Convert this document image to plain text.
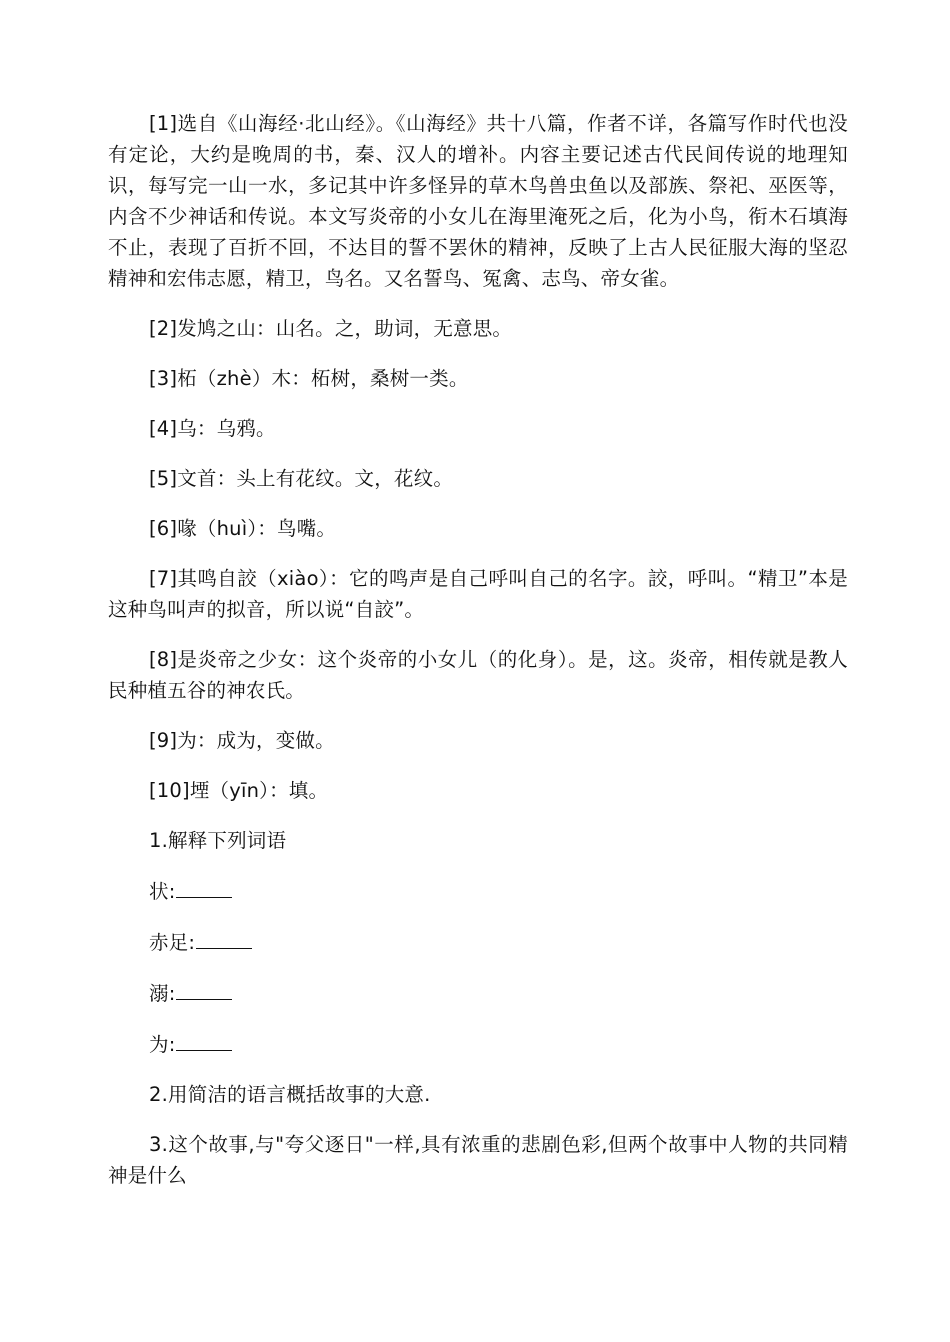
[1]选自《山海经·北山经》。《山海经》共十八篇，作者不详，各篇写作时代也没有定论，大约是晚周的书，秦、汉人的增补。内容主要记述古代民间传说的地理知识，每写完一山一水，多记其中许多怪异的草木鸟兽虫鱼以及部族、祭祀、巫医等，内含不少神话和传说。本文写炎帝的小女儿在海里淹死之后，化为小鸟，衔木石填海不止，表现了百折不回，不达目的誓不罢休的精神，反映了上古人民征服大海的坚忍精神和宏伟志愿，精卫，鸟名。又名誓鸟、冤禽、志鸟、帝女雀。

[2]发鸠之山：山名。之，助词，无意思。

[3]柘（zhè）木：柘树，桑树一类。

[4]乌：乌鸦。

[5]文首：头上有花纹。文，花纹。

[6]喙（huì）：鸟嘴。

[7]其鸣自詨（xiào）：它的鸣声是自己呼叫自己的名字。詨，呼叫。“精卫”本是这种鸟叫声的拟音，所以说“自詨”。

[8]是炎帝之少女：这个炎帝的小女儿（的化身）。是，这。炎帝，相传就是教人民种植五谷的神农氏。

[9]为：成为，变做。

[10]堙（yīn）：填。

1.解释下列词语

状:

赤足:

溺:

为:

2.用简洁的语言概括故事的大意.

3.这个故事,与"夸父逐日"一样,具有浓重的悲剧色彩,但两个故事中人物的共同精神是什么
